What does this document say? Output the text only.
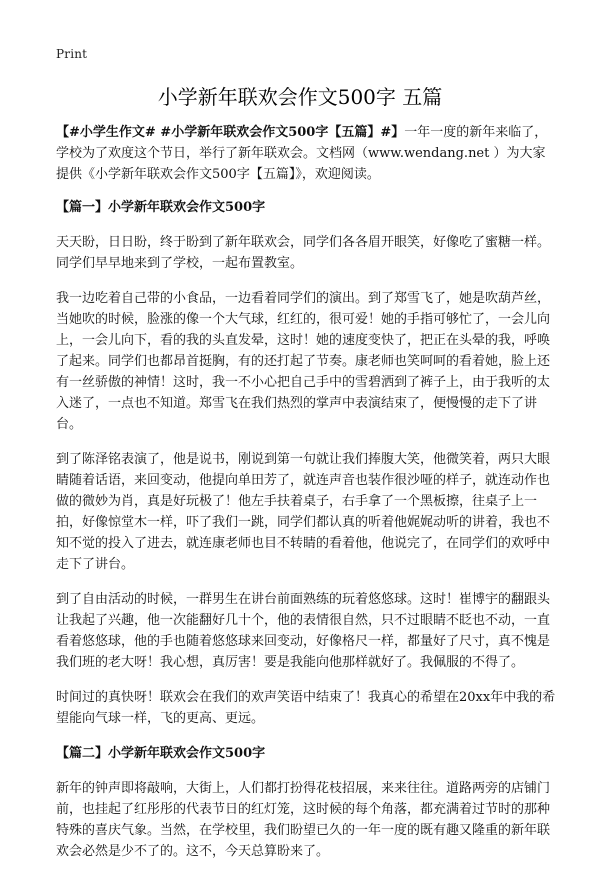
Print
小学新年联欢会作文500字 五篇

【#小学生作文# #小学新年联欢会作文500字【五篇】#】一年一度的新年来临了，学校为了欢度这个节日，举行了新年联欢会。文档网（www.wendang.net ）为大家提供《小学新年联欢会作文500字【五篇】》，欢迎阅读。

【篇一】小学新年联欢会作文500字

天天盼，日日盼，终于盼到了新年联欢会，同学们各各眉开眼笑，好像吃了蜜糖一样。同学们早早地来到了学校，一起布置教室。

我一边吃着自己带的小食品，一边看着同学们的演出。到了郑雪飞了，她是吹葫芦丝，当她吹的时候，脸涨的像一个大气球，红红的，很可爱！她的手指可够忙了，一会儿向上，一会儿向下，看的我的头直发晕，这时！她的速度变快了，把正在头晕的我，呼唤了起来。同学们也都昂首挺胸，有的还打起了节奏。康老师也笑呵呵的看着她，脸上还有一丝骄傲的神情！这时，我一不小心把自己手中的雪碧洒到了裤子上，由于我听的太入迷了，一点也不知道。郑雪飞在我们热烈的掌声中表演结束了，便慢慢的走下了讲台。

到了陈泽铭表演了，他是说书，刚说到第一句就让我们捧腹大笑，他微笑着，两只大眼睛随着话语，来回变动，他提向单田芳了，就连声音也装作很沙哑的样子，就连动作也做的微妙为肖，真是好玩极了！他左手扶着桌子，右手拿了一个黑板擦，往桌子上一拍，好像惊堂木一样，吓了我们一跳，同学们都认真的听着他娓娓动听的讲着，我也不知不觉的投入了进去，就连康老师也目不转睛的看着他，他说完了，在同学们的欢呼中走下了讲台。

到了自由活动的时候，一群男生在讲台前面熟练的玩着悠悠球。这时！崔博宇的翻跟头让我起了兴趣，他一次能翻好几十个，他的表情很自然，只不过眼睛不眨也不动，一直看着悠悠球，他的手也随着悠悠球来回变动，好像格尺一样，都量好了尺寸，真不愧是我们班的老大呀！我心想，真厉害！要是我能向他那样就好了。我佩服的不得了。

时间过的真快呀！联欢会在我们的欢声笑语中结束了！我真心的希望在20xx年中我的希望能向气球一样，飞的更高、更远。

【篇二】小学新年联欢会作文500字

新年的钟声即将敲响，大街上，人们都打扮得花枝招展，来来往往。道路两旁的店铺门前，也挂起了红彤彤的代表节日的红灯笼，这时候的每个角落，都充满着过节时的那种特殊的喜庆气象。当然，在学校里，我们盼望已久的一年一度的既有趣又隆重的新年联欢会必然是少不了的。这不，今天总算盼来了。
